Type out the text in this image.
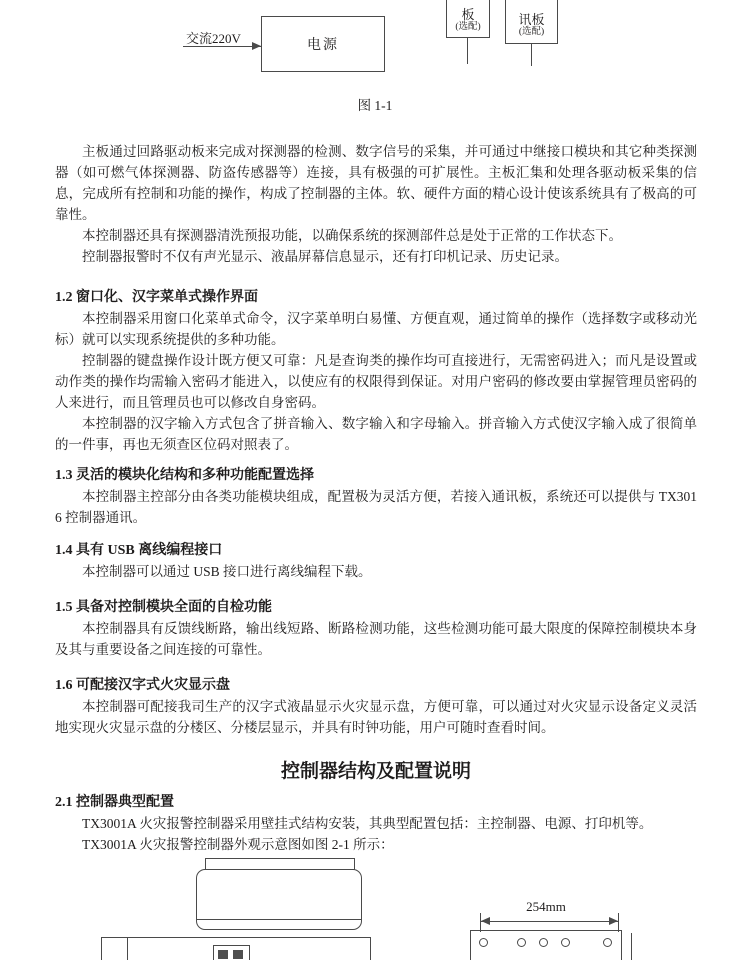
交流220V	电源
板
(选配)	讯板
(选配)
图 1-1

主板通过回路驱动板来完成对探测器的检测、数字信号的采集，并可通过中继接口模块和其它种类探测器（如可燃气体探测器、防盗传感器等）连接，具有极强的可扩展性。主板汇集和处理各驱动板采集的信息，完成所有控制和功能的操作，构成了控制器的主体。软、硬件方面的精心设计使该系统具有了极高的可靠性。

本控制器还具有探测器清洗预报功能，以确保系统的探测部件总是处于正常的工作状态下。

控制器报警时不仅有声光显示、液晶屏幕信息显示，还有打印机记录、历史记录。

1.2 窗口化、汉字菜单式操作界面

本控制器采用窗口化菜单式命令，汉字菜单明白易懂、方便直观，通过简单的操作（选择数字或移动光标）就可以实现系统提供的多种功能。

控制器的键盘操作设计既方便又可靠：凡是查询类的操作均可直接进行，无需密码进入；而凡是设置或动作类的操作均需输入密码才能进入，以使应有的权限得到保证。对用户密码的修改要由掌握管理员密码的人来进行，而且管理员也可以修改自身密码。

本控制器的汉字输入方式包含了拼音输入、数字输入和字母输入。拼音输入方式使汉字输入成了很简单的一件事，再也无须查区位码对照表了。

1.3 灵活的模块化结构和多种功能配置选择

本控制器主控部分由各类功能模块组成，配置极为灵活方便，若接入通讯板，系统还可以提供与 TX3016 控制器通讯。

1.4 具有 USB 离线编程接口

本控制器可以通过 USB 接口进行离线编程下载。

1.5 具备对控制模块全面的自检功能

本控制器具有反馈线断路，输出线短路、断路检测功能，这些检测功能可最大限度的保障控制模块本身及其与重要设备之间连接的可靠性。

1.6 可配接汉字式火灾显示盘

本控制器可配接我司生产的汉字式液晶显示火灾显示盘，方便可靠，可以通过对火灾显示设备定义灵活地实现火灾显示盘的分楼区、分楼层显示，并具有时钟功能，用户可随时查看时间。

控制器结构及配置说明
2.1 控制器典型配置

TX3001A 火灾报警控制器采用壁挂式结构安装，其典型配置包括：主控制器、电源、打印机等。

TX3001A 火灾报警控制器外观示意图如图 2-1 所示：

254mm
